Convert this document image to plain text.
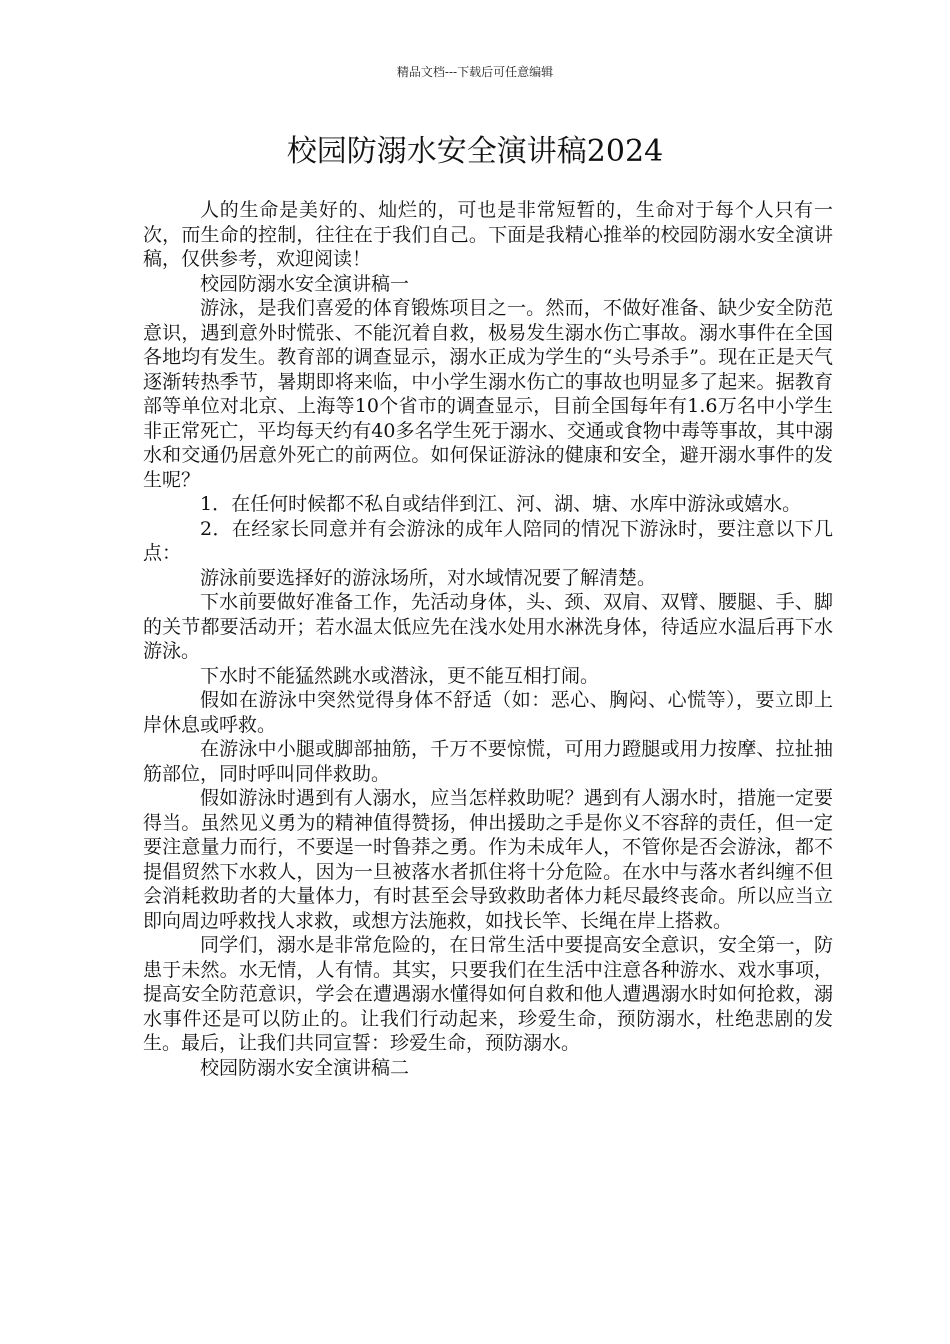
精品文档---下载后可任意编辑
校园防溺水安全演讲稿2024

人的生命是美好的、灿烂的，可也是非常短暂的，生命对于每个人只有一次，而生命的控制，往往在于我们自己。下面是我精心推举的校园防溺水安全演讲稿，仅供参考，欢迎阅读！

校园防溺水安全演讲稿一

游泳，是我们喜爱的体育锻炼项目之一。然而，不做好准备、缺少安全防范意识，遇到意外时慌张、不能沉着自救，极易发生溺水伤亡事故。溺水事件在全国各地均有发生。教育部的调查显示，溺水正成为学生的“头号杀手”。现在正是天气逐渐转热季节，暑期即将来临，中小学生溺水伤亡的事故也明显多了起来。据教育部等单位对北京、上海等10个省市的调查显示，目前全国每年有1.6万名中小学生非正常死亡，平均每天约有40多名学生死于溺水、交通或食物中毒等事故，其中溺水和交通仍居意外死亡的前两位。如何保证游泳的健康和安全，避开溺水事件的发生呢？

1．在任何时候都不私自或结伴到江、河、湖、塘、水库中游泳或嬉水。

2．在经家长同意并有会游泳的成年人陪同的情况下游泳时，要注意以下几点：

游泳前要选择好的游泳场所，对水域情况要了解清楚。

下水前要做好准备工作，先活动身体，头、颈、双肩、双臂、腰腿、手、脚的关节都要活动开；若水温太低应先在浅水处用水淋洗身体，待适应水温后再下水游泳。

下水时不能猛然跳水或潜泳，更不能互相打闹。

假如在游泳中突然觉得身体不舒适（如：恶心、胸闷、心慌等），要立即上岸休息或呼救。

在游泳中小腿或脚部抽筋，千万不要惊慌，可用力蹬腿或用力按摩、拉扯抽筋部位，同时呼叫同伴救助。

假如游泳时遇到有人溺水，应当怎样救助呢？遇到有人溺水时，措施一定要得当。虽然见义勇为的精神值得赞扬，伸出援助之手是你义不容辞的责任，但一定要注意量力而行，不要逞一时鲁莽之勇。作为未成年人，不管你是否会游泳，都不提倡贸然下水救人，因为一旦被落水者抓住将十分危险。在水中与落水者纠缠不但会消耗救助者的大量体力，有时甚至会导致救助者体力耗尽最终丧命。所以应当立即向周边呼救找人求救，或想方法施救，如找长竿、长绳在岸上搭救。

同学们，溺水是非常危险的，在日常生活中要提高安全意识，安全第一，防患于未然。水无情，人有情。其实，只要我们在生活中注意各种游水、戏水事项，提高安全防范意识，学会在遭遇溺水懂得如何自救和他人遭遇溺水时如何抢救，溺水事件还是可以防止的。让我们行动起来，珍爱生命，预防溺水，杜绝悲剧的发生。最后，让我们共同宣誓：珍爱生命，预防溺水。

校园防溺水安全演讲稿二
